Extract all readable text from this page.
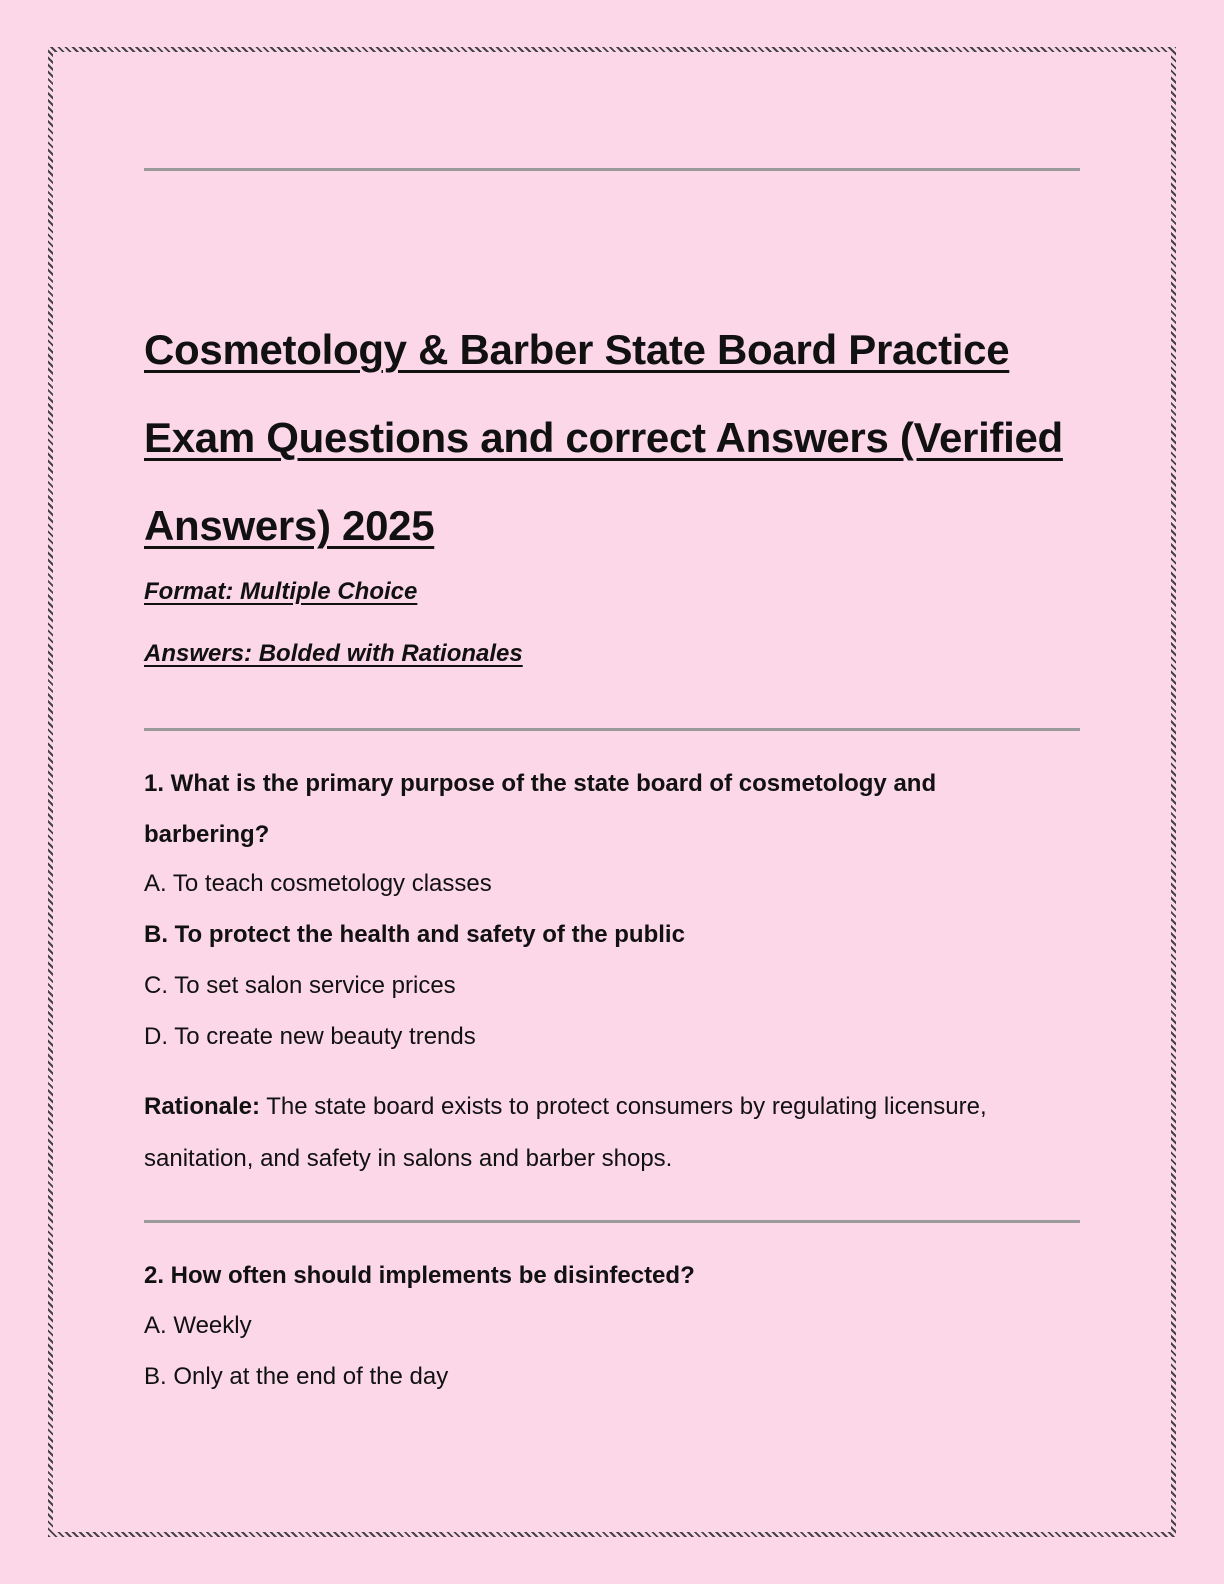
Cosmetology & Barber State Board Practice Exam Questions and correct Answers (Verified Answers) 2025
Format: Multiple Choice
Answers: Bolded with Rationales

1. What is the primary purpose of the state board of cosmetology and barbering?

A. To teach cosmetology classes
B. To protect the health and safety of the public
C. To set salon service prices
D. To create new beauty trends

Rationale: The state board exists to protect consumers by regulating licensure, sanitation, and safety in salons and barber shops.

2. How often should implements be disinfected?

A. Weekly
B. Only at the end of the day
